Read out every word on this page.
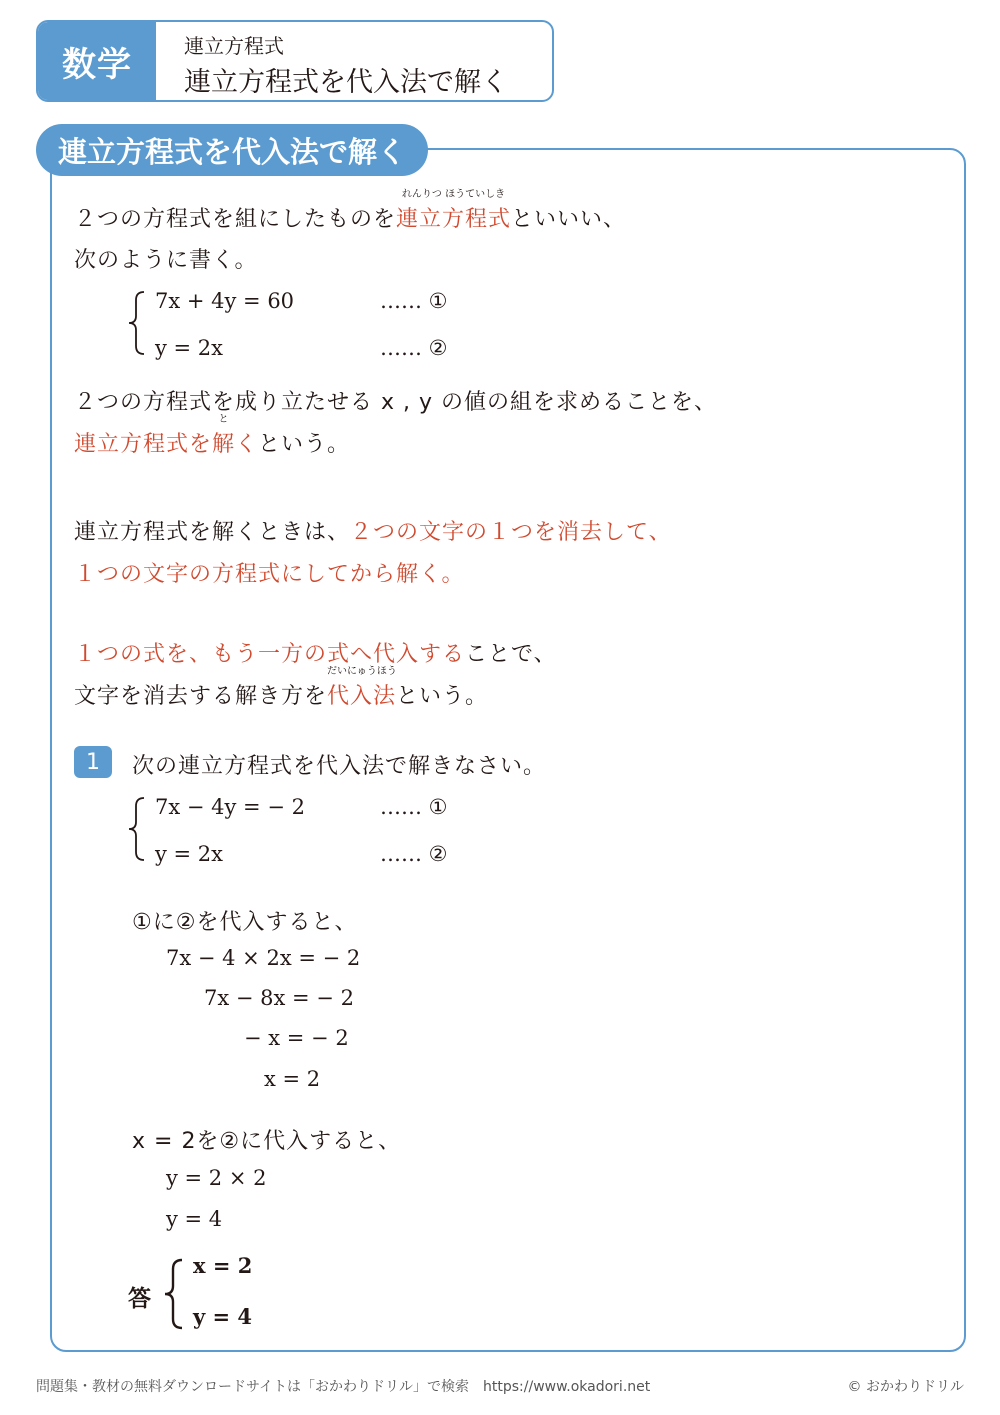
数学	連立方程式
連立方程式を代入法で解く
連立方程式を代入法で解く
２つの方程式を組にしたものを
れんりつ ほうていしき
連立方程式といいい、
次のように書く。
7x + 4y = 60	…… ①
y = 2x	…… ②
２つの方程式を成り立たせる x , y の値の組を求めることを、
連立方程式を
と
解くという。
連立方程式を解くときは、２つの文字の１つを消去して、
１つの文字の方程式にしてから解く。
１つの式を、もう一方の式へ代入することで、
文字を消去する解き方を
だいにゅうほう
代入法という。
1	次の連立方程式を代入法で解きなさい。
7x − 4y = − 2	…… ①
y = 2x	…… ②
①に②を代入すると、
7x − 4 × 2x = − 2
7x − 8x = − 2
− x = − 2
x = 2
x = 2を②に代入すると、
y = 2 × 2
y = 4
答
x = 2
y = 4
問題集・教材の無料ダウンロードサイトは「おかわりドリル」で検索　https://www.okadori.net	© おかわりドリル
